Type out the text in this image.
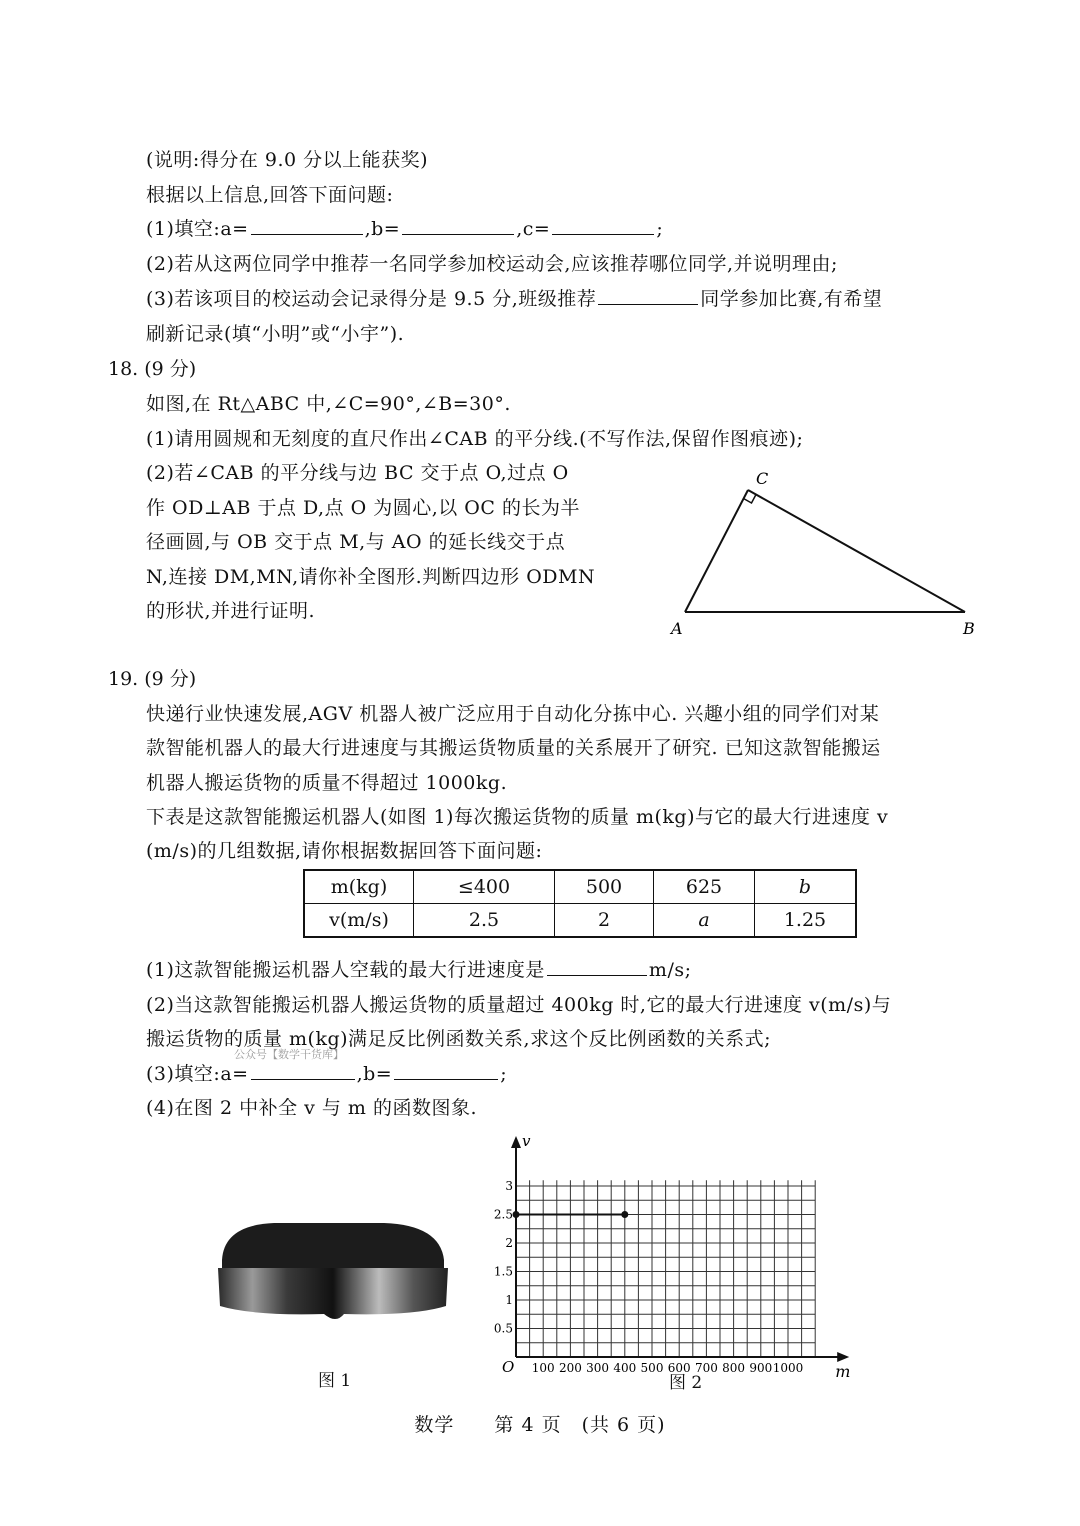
(说明:得分在 9.0 分以上能获奖)
根据以上信息,回答下面问题:
(1)填空:a=	,b=	,c=	;
(2)若从这两位同学中推荐一名同学参加校运动会,应该推荐哪位同学,并说明理由;
(3)若该项目的校运动会记录得分是 9.5 分,班级推荐	同学参加比赛,有希望
刷新记录(填“小明”或“小宇”).
18. (9 分)
如图,在 Rt△ABC 中,∠C=90°,∠B=30°.
(1)请用圆规和无刻度的直尺作出∠CAB 的平分线.(不写作法,保留作图痕迹);
(2)若∠CAB 的平分线与边 BC 交于点 O,过点 O
作 OD⊥AB 于点 D,点 O 为圆心,以 OC 的长为半
径画圆,与 OB 交于点 M,与 AO 的延长线交于点
N,连接 DM,MN,请你补全图形.判断四边形 ODMN
的形状,并进行证明.
C
A	B
19. (9 分)
快递行业快速发展,AGV 机器人被广泛应用于自动化分拣中心. 兴趣小组的同学们对某
款智能机器人的最大行进速度与其搬运货物质量的关系展开了研究. 已知这款智能搬运
机器人搬运货物的质量不得超过 1000kg.
下表是这款智能搬运机器人(如图 1)每次搬运货物的质量 m(kg)与它的最大行进速度 v
(m/s)的几组数据,请你根据数据回答下面问题:
m(kg)	≤400	500	625	b
v(m/s)	2.5	2	a	1.25
(1)这款智能搬运机器人空载的最大行进速度是	m/s;
(2)当这款智能搬运机器人搬运货物的质量超过 400kg 时,它的最大行进速度 v(m/s)与
搬运货物的质量 m(kg)满足反比例函数关系,求这个反比例函数的关系式;
公众号【数学干货库】
(3)填空:a=	,b=	;
(4)在图 2 中补全 v 与 m 的函数图象.
m
v
O 100 200 300 400 500 600 700 800 900 1000
0.5
1
1.5
2
2.5
3
图 1	图 2
数学　　第 4 页　(共 6 页)
